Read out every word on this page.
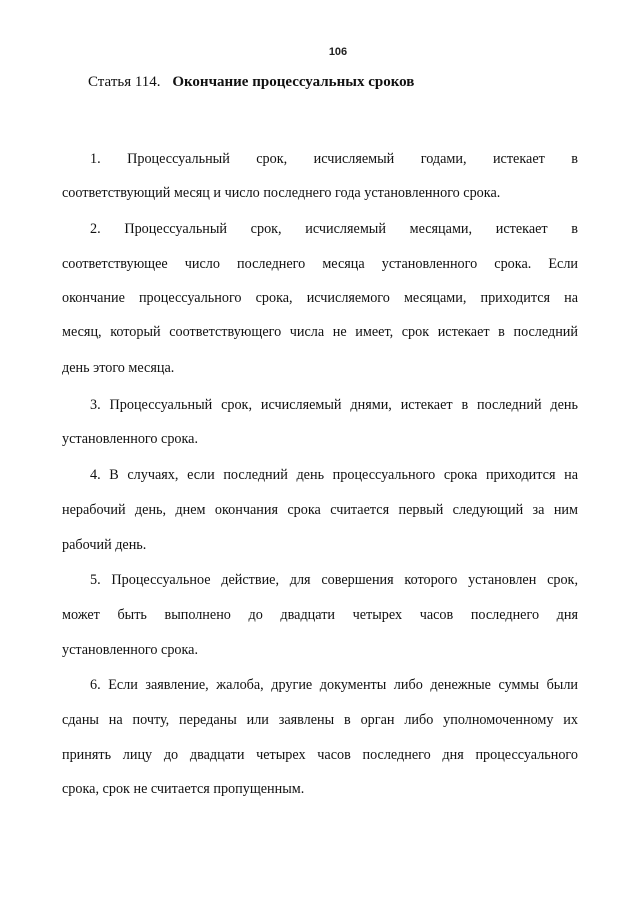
106
Статья 114. Окончание процессуальных сроков
1. Процессуальный срок, исчисляемый годами, истекает в
соответствующий месяц и число последнего года установленного срока.
2. Процессуальный срок, исчисляемый месяцами, истекает в
соответствующее число последнего месяца установленного срока. Если
окончание процессуального срока, исчисляемого месяцами, приходится на
месяц, который соответствующего числа не имеет, срок истекает в последний
день этого месяца.
3. Процессуальный срок, исчисляемый днями, истекает в последний день
установленного срока.
4. В случаях, если последний день процессуального срока приходится на
нерабочий день, днем окончания срока считается первый следующий за ним
рабочий день.
5. Процессуальное действие, для совершения которого установлен срок,
может быть выполнено до двадцати четырех часов последнего дня
установленного срока.
6. Если заявление, жалоба, другие документы либо денежные суммы были
сданы на почту, переданы или заявлены в орган либо уполномоченному их
принять лицу до двадцати четырех часов последнего дня процессуального
срока, срок не считается пропущенным.
